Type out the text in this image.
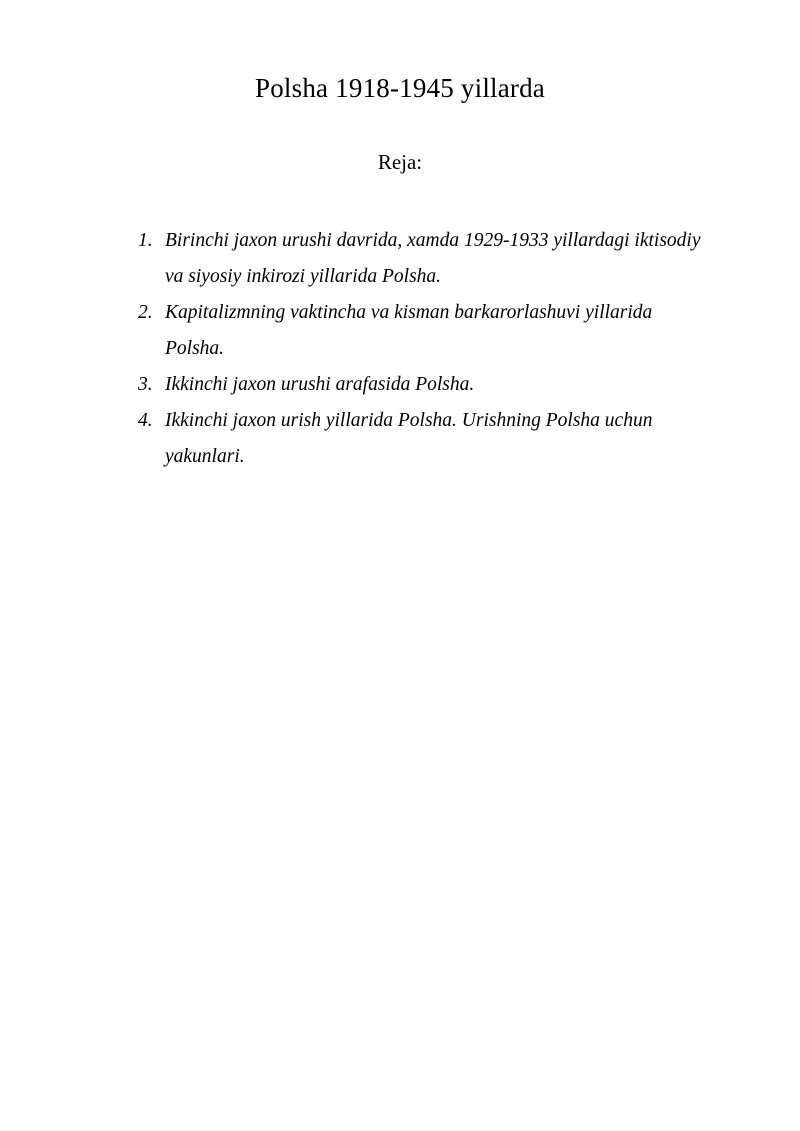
Polsha 1918-1945 yillarda

Reja:

1. Birinchi jaxon urushi davrida, xamda 1929-1933 yillardagi iktisodiy va siyosiy inkirozi yillarida Polsha.
2. Kapitalizmning vaktincha va kisman barkarorlashuvi yillarida Polsha.
3. Ikkinchi jaxon urushi arafasida Polsha.
4. Ikkinchi jaxon urish yillarida Polsha. Urishning Polsha uchun yakunlari.
